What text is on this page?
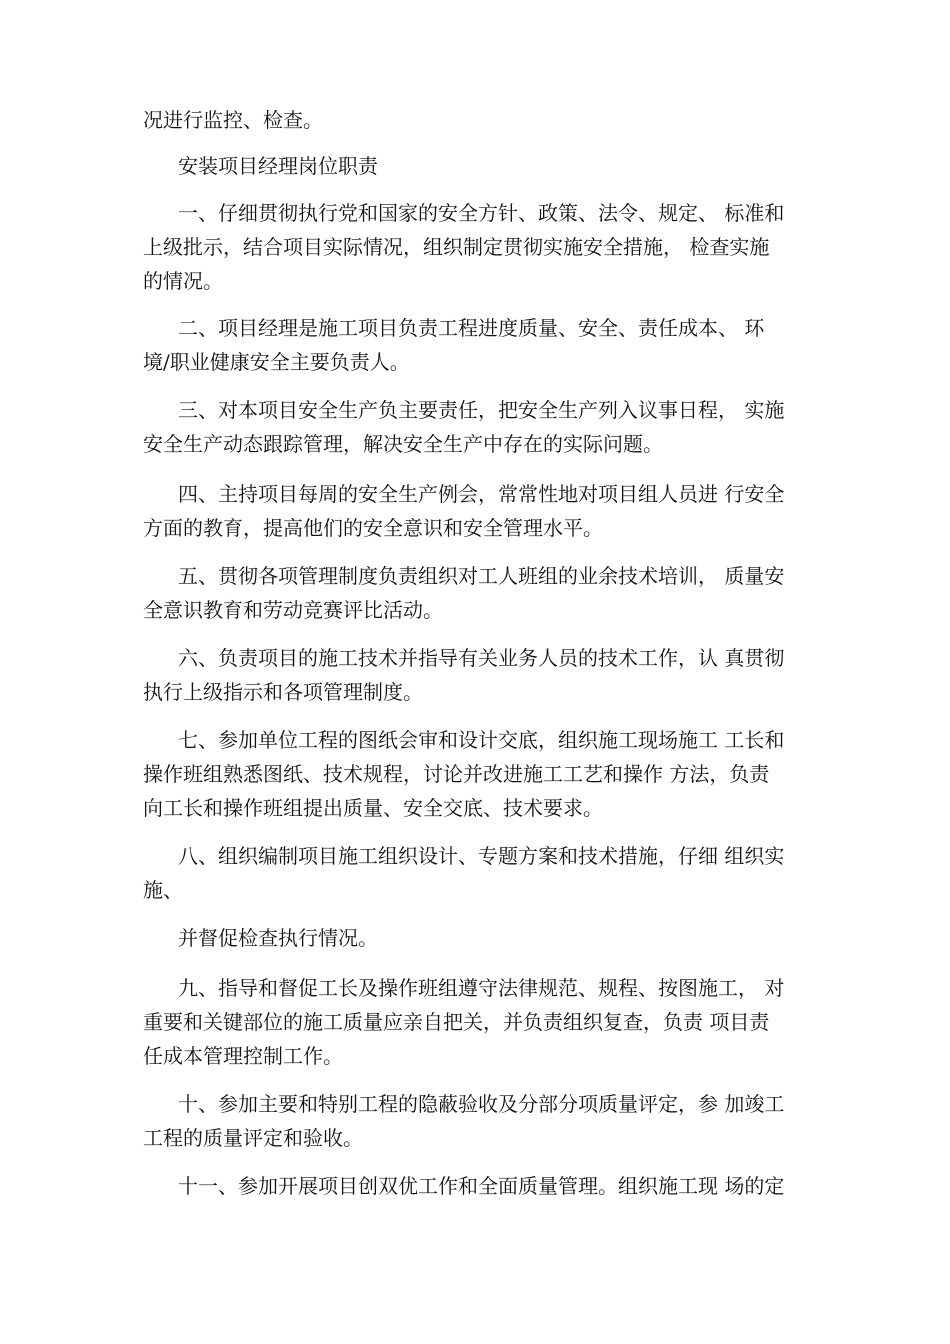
况进行监控、检查。
安装项目经理岗位职责
一、仔细贯彻执行党和国家的安全方针、政策、法令、规定、 标准和
上级批示，结合项目实际情况，组织制定贯彻实施安全措施， 检查实施
的情况。
二、项目经理是施工项目负责工程进度质量、安全、责任成本、 环
境/职业健康安全主要负责人。
三、对本项目安全生产负主要责任，把安全生产列入议事日程， 实施
安全生产动态跟踪管理，解决安全生产中存在的实际问题。
四、主持项目每周的安全生产例会，常常性地对项目组人员进 行安全
方面的教育，提高他们的安全意识和安全管理水平。
五、贯彻各项管理制度负责组织对工人班组的业余技术培训， 质量安
全意识教育和劳动竞赛评比活动。
六、负责项目的施工技术并指导有关业务人员的技术工作，认 真贯彻
执行上级指示和各项管理制度。
七、参加单位工程的图纸会审和设计交底，组织施工现场施工 工长和
操作班组熟悉图纸、技术规程，讨论并改进施工工艺和操作 方法，负责
向工长和操作班组提出质量、安全交底、技术要求。
八、组织编制项目施工组织设计、专题方案和技术措施，仔细 组织实
施、
并督促检查执行情况。
九、指导和督促工长及操作班组遵守法律规范、规程、按图施工， 对
重要和关键部位的施工质量应亲自把关，并负责组织复查，负责 项目责
任成本管理控制工作。
十、参加主要和特别工程的隐蔽验收及分部分项质量评定，参 加竣工
工程的质量评定和验收。
十一、参加开展项目创双优工作和全面质量管理。组织施工现 场的定
